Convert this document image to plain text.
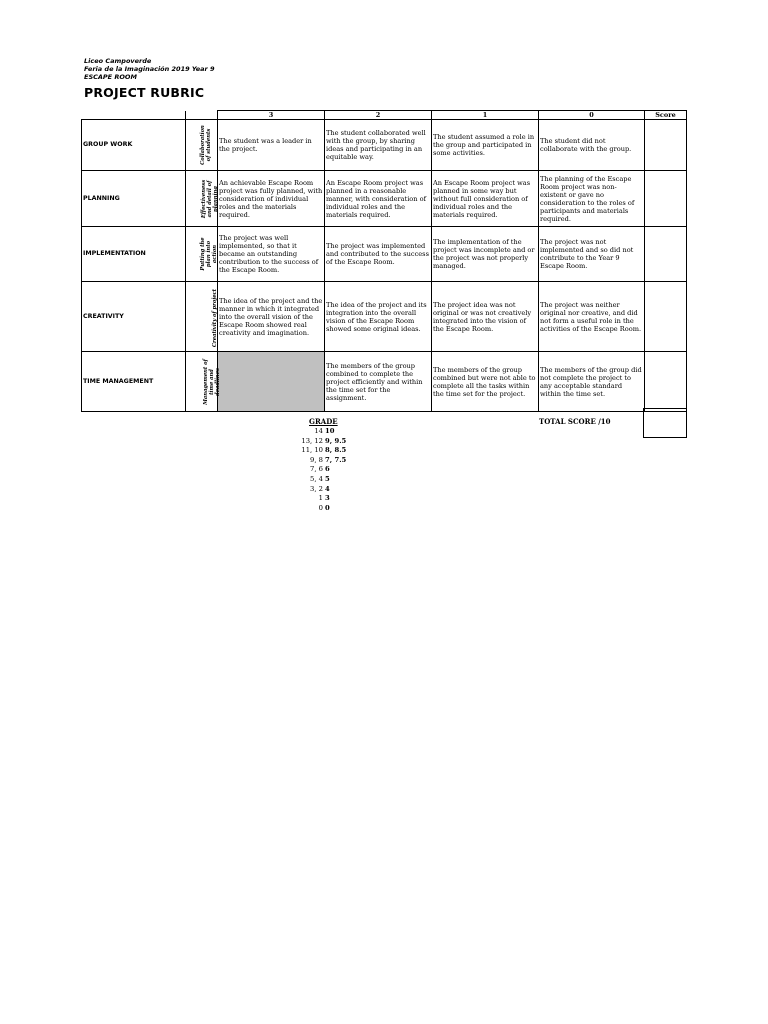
Liceo Campoverde
Feria de la Imaginación 2019 Year 9
ESCAPE ROOM
PROJECT RUBRIC
		3	2	1	0	Score
GROUP WORK	Collaboration of students	The student was a leader in the project.	The student collaborated well with the group, by sharing ideas and participating in an equitable way.	The student assumed a role in the group and participated in some activities.	The student did not collaborate with the group.	
PLANNING	Effectiveness and detail of planning	An achievable Escape Room project was fully planned, with consideration of individual roles and the materials required.	An Escape Room project was planned in a reasonable manner, with consideration of individual roles and the materials required.	An Escape Room project was planned in some way but without full consideration of individual roles and the materials required.	The planning of the Escape Room project was non-existent or gave no consideration to the roles of participants and materials required.	
IMPLEMENTATION	Putting the plan into action	The project was well implemented, so that it became an outstanding contribution to the success of the Escape Room.	The project was implemented and contributed to the success of the Escape Room.	The implementation of the project was incomplete and or the project was not properly managed.	The project was not implemented and so did not contribute to the Year 9 Escape Room.	
CREATIVITY	Creativity of project	The idea of the project and the manner in which it integrated into the overall vision of the Escape Room showed real creativity and imagination.	The idea of the project and its integration into the overall vision of the Escape Room showed some original ideas.	The project idea was not original or was not creatively integrated into the vision of the Escape Room.	The project was neither original nor creative, and did not form a useful role in the activities of the Escape Room.	
TIME MANAGEMENT	Management of time and deadlines		The members of the group combined to complete the project efficiently and within the time set for the assignment.	The members of the group combined but were not able to complete all the tasks within the time set for the project.	The members of the group did not complete the project to any acceptable standard within the time set.	
GRADE
14 10
13, 12 9, 9.5
11, 10 8, 8.5
9, 8 7, 7.5
7, 6 6
5, 4 5
3, 2 4
1 3
0 0
TOTAL SCORE /10
